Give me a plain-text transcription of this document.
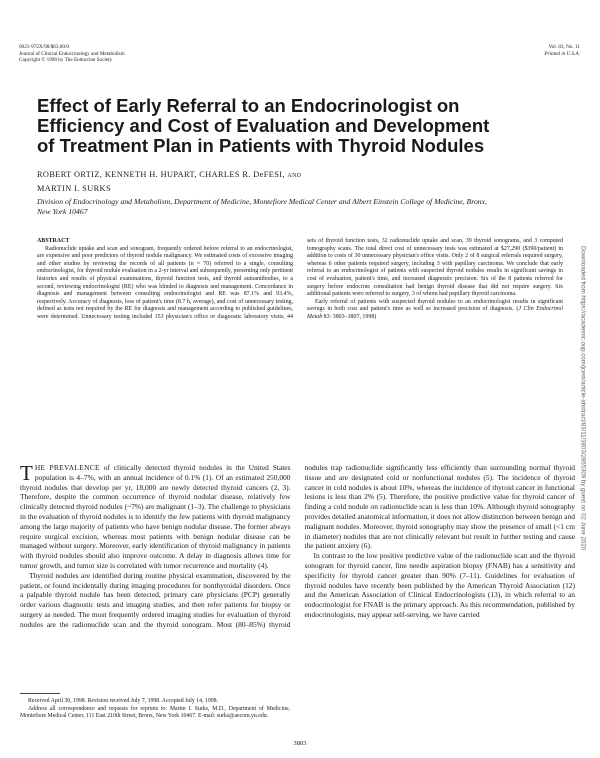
0021-972X/98/$03.00/0
Journal of Clinical Endocrinology and Metabolism
Copyright © 1998 by The Endocrine Society
Vol. 83, No. 11
Printed in U.S.A.
Effect of Early Referral to an Endocrinologist on Efficiency and Cost of Evaluation and Development of Treatment Plan in Patients with Thyroid Nodules
ROBERT ORTIZ, KENNETH H. HUPART, CHARLES R. DeFESI, AND
MARTIN I. SURKS
Division of Endocrinology and Metabolism, Department of Medicine, Montefiore Medical Center and Albert Einstein College of Medicine, Bronx, New York 10467
ABSTRACT

Radionuclide uptake and scan and sonogram, frequently ordered before referral to an endocrinologist, are expensive and poor predictors of thyroid nodule malignancy. We estimated costs of excessive imaging and other studies by reviewing the records of all patients (n = 70) referred to a single, consulting endocrinologist, for thyroid nodule evaluation in a 2-yr interval and subsequently, presenting only pertinent histories and results of physical examinations, thyroid function tests, and thyroid autoantibodies, to a second, reviewing endocrinologist (RE) who was blinded to diagnosis and management. Concordance in diagnosis and management between consulting endocrinologist and RE was 87.1% and 93.4%, respectively. Accuracy of diagnosis, loss of patient's time (8.7 h, average), and cost of unnecessary testing, defined as tests not required by the RE for diagnosis and management according to published guidelines, were determined. Unnecessary testing included 153 physician's office or diagnostic laboratory visits, 44 sets of thyroid function tests, 32 radionuclide uptake and scan, 39 thyroid sonograms, and 3 computed tomography scans. The total direct cost of unnecessary tests was estimated at $27,290 ($390/patient) in addition to costs of 30 unnecessary physician's office visits. Only 2 of 8 surgical referrals required surgery, whereas 6 other patients required surgery, including 3 with papillary carcinoma. We conclude that early referral to an endocrinologist of patients with suspected thyroid nodules results in significant savings in cost of evaluation, patient's time, and increased diagnostic precision. Six of the 8 patients referred for surgery before endocrine consultation had benign thyroid disease that did not require surgery. Six additional patients were referred to surgery, 3 of whom had papillary thyroid carcinoma.

Early referral of patients with suspected thyroid nodules to an endocrinologist results in significant savings in both cost and patient's time as well as increased precision of diagnosis. (J Clin Endocrinol Metab 83: 3803–3807, 1998)

THE PREVALENCE of clinically detected thyroid nodules in the United States population is 4–7%, with an annual incidence of 0.1% (1). Of an estimated 250,000 thyroid nodules that develop per yr, 18,000 are newly detected thyroid cancers (2, 3). Therefore, despite the common occurrence of thyroid nodular disease, relatively few clinically detected thyroid nodules (~7%) are malignant (1–3). The challenge to physicians in the evaluation of thyroid nodules is to identify the few patients with thyroid malignancy among the large majority of patients who have benign nodular disease. The former always require surgical excision, whereas most patients with benign nodular disease can be managed without surgery. Moreover, early identification of thyroid malignancy in patients with thyroid nodules should also improve outcome. A delay in diagnosis allows time for tumor growth, and tumor size is correlated with tumor recurrence and mortality (4).

Thyroid nodules are identified during routine physical examination, discovered by the patient, or found incidentally during imaging procedures for nonthyroidal disorders. Once a palpable thyroid nodule has been detected, primary care physicians (PCP) generally order various diagnostic tests and imaging studies, and then refer patients for biopsy or surgery as needed. The most frequently ordered imaging studies for evaluation of thyroid nodules are the radionuclide scan and the thyroid sonogram. Most (80–85%) thyroid nodules trap radionuclide significantly less efficiently than surrounding normal thyroid tissue and are designated cold or nonfunctional nodules (5). The incidence of thyroid cancer in cold nodules is about 10%, whereas the incidence of thyroid cancer in functional lesions is less than 2% (5). Therefore, the positive predictive value for thyroid cancer of finding a cold nodule on radionuclide scan is less than 10%. Although thyroid sonography provides detailed anatomical information, it does not allow distinction between benign and malignant nodules. Moreover, thyroid sonography may show the presence of small (<1 cm in diameter) nodules that are not clinically relevant but result in further testing and cause the patient anxiety (6).

In contrast to the low positive predictive value of the radionuclide scan and the thyroid sonogram for thyroid cancer, fine needle aspiration biopsy (FNAB) has a sensitivity and specificity for thyroid cancer greater than 90% (7–11). Guidelines for evaluation of thyroid nodules have recently been published by the American Thyroid Association (12) and the American Association of Clinical Endocrinologists (13), in which referral to an endocrinologist for FNAB is the primary approach. As this recommendation, published by endocrinologists, may appear self-serving, we have carried

Received April 30, 1998. Revision received July 7, 1998. Accepted July 14, 1998.

Address all correspondence and requests for reprints to: Martin I. Surks, M.D., Department of Medicine, Montefiore Medical Center, 111 East 210th Street, Bronx, New York 10467. E-mail: surks@aecom.yu.edu.

3803
Downloaded from https://academic.oup.com/jcem/article-abstract/83/11/3803/2865309 by guest on 02 June 2020
